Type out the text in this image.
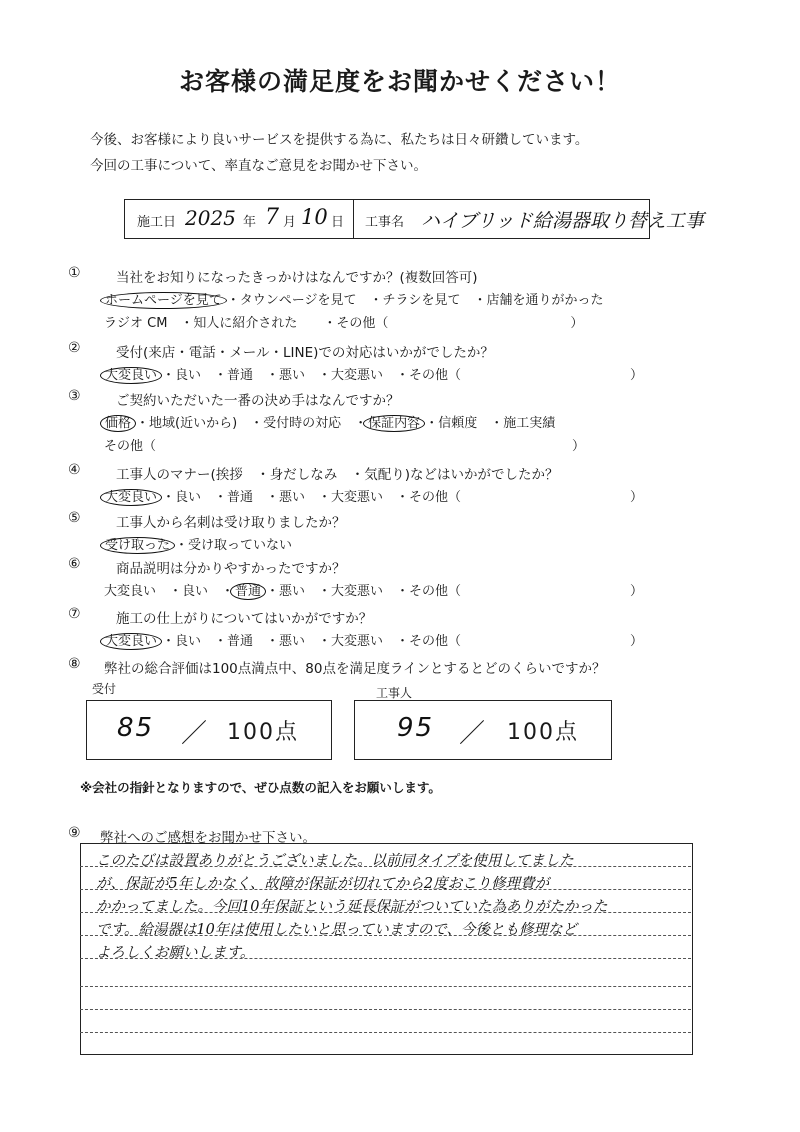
お客様の満足度をお聞かせください！
今後、お客様により良いサービスを提供する為に、私たちは日々研鑽しています。
今回の工事について、率直なご意見をお聞かせ下さい。
施工日 2025 年 7 月 10 日 工事名 ハイブリッド給湯器取り替え工事
①	当社をお知りになったきっかけはなんですか？(複数回答可)
ホームページを見て ・タウンページを見て　・チラシを見て　・店舗を通りがかった
ラジオ CM　・知人に紹介された　　・その他（　　　　　　　　　　　　　　）
②	受付(来店・電話・メール・LINE)での対応はいかがでしたか？
大変良い ・良い　・普通　・悪い　・大変悪い　・その他（　　　　　　　　　　　　　）
③	ご契約いただいた一番の決め手はなんですか？
価格 ・地域(近いから)　・受付時の対応　・保証内容 ・信頼度　・施工実績
その他（　　　　　　　　　　　　　　　　　　　　　　　　　　　　　　　　）
④	工事人のマナー(挨拶　・身だしなみ　・気配り)などはいかがでしたか？
大変良い ・良い　・普通　・悪い　・大変悪い　・その他（　　　　　　　　　　　　　）
⑤	工事人から名刺は受け取りましたか？
受け取った ・受け取っていない
⑥	商品説明は分かりやすかったですか？
大変良い　・良い　・普通 ・悪い　・大変悪い　・その他（　　　　　　　　　　　　　）
⑦	施工の仕上がりについてはいかがですか？
大変良い ・良い　・普通　・悪い　・大変悪い　・その他（　　　　　　　　　　　　　）
⑧ 弊社の総合評価は100点満点中、80点を満足度ラインとするとどのくらいですか？
受付	工事人
85 ／ 100点	95 ／ 100点
※会社の指針となりますので、ぜひ点数の記入をお願いします。
⑨ 弊社へのご感想をお聞かせ下さい。
このたびは設置ありがとうございました。以前同タイプを使用してました
が、保証が5年しかなく、故障が保証が切れてから2度おこり修理費が
かかってました。今回10年保証という延長保証がついていた為ありがたかった
です。給湯器は10年は使用したいと思っていますので、今後とも修理など
よろしくお願いします。
